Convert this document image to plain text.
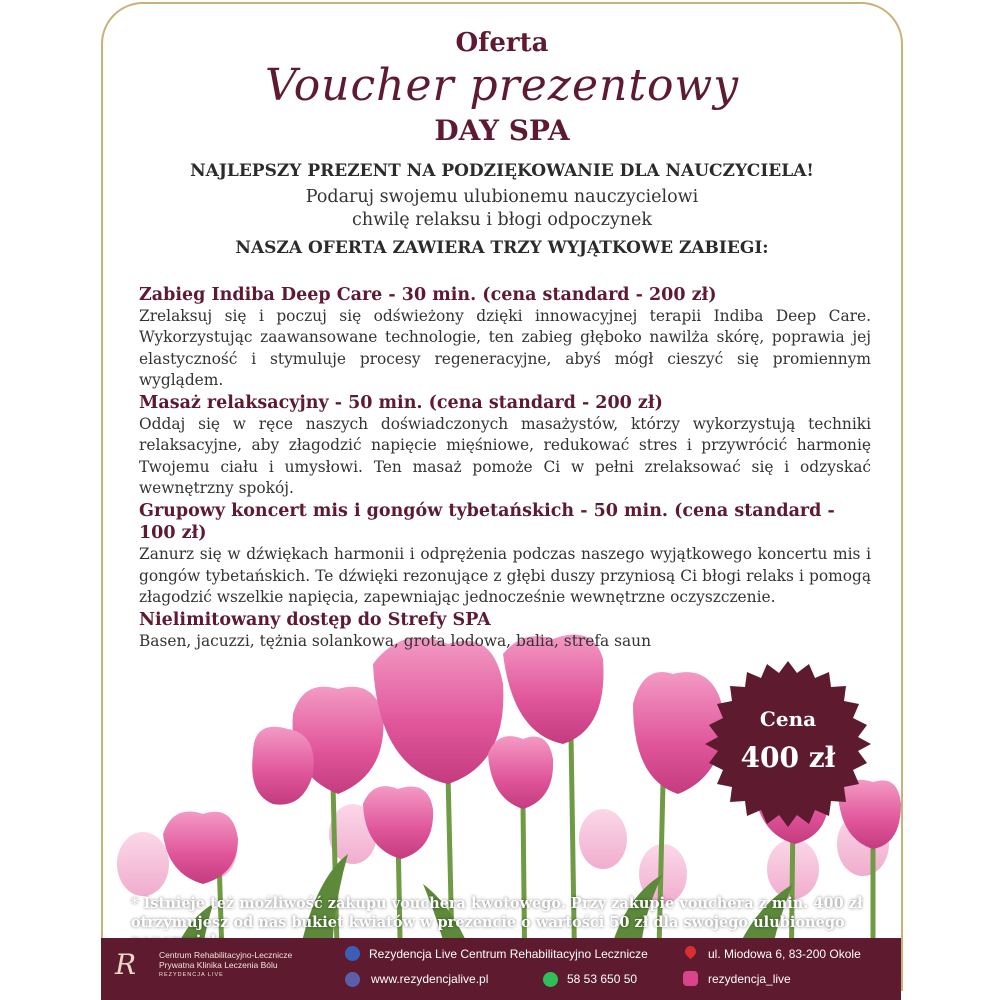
Oferta
Voucher prezentowy
DAY SPA
NAJLEPSZY PREZENT NA PODZIĘKOWANIE DLA NAUCZYCIELA!
Podaruj swojemu ulubionemu nauczycielowi
chwilę relaksu i błogi odpoczynek
NASZA OFERTA ZAWIERA TRZY WYJĄTKOWE ZABIEGI:
Zabieg Indiba Deep Care - 30 min. (cena standard - 200 zł)
Zrelaksuj się i poczuj się odświeżony dzięki innowacyjnej terapii Indiba Deep Care. Wykorzystując zaawansowane technologie, ten zabieg głęboko nawilża skórę, poprawia jej elastyczność i stymuluje procesy regeneracyjne, abyś mógł cieszyć się promiennym wyglądem.
Masaż relaksacyjny - 50 min. (cena standard - 200 zł)
Oddaj się w ręce naszych doświadczonych masażystów, którzy wykorzystują techniki relaksacyjne, aby złagodzić napięcie mięśniowe, redukować stres i przywrócić harmonię Twojemu ciału i umysłowi. Ten masaż pomoże Ci w pełni zrelaksować się i odzyskać wewnętrzny spokój.
Grupowy koncert mis i gongów tybetańskich - 50 min. (cena standard - 100 zł)
Zanurz się w dźwiękach harmonii i odprężenia podczas naszego wyjątkowego koncertu mis i gongów tybetańskich. Te dźwięki rezonujące z głębi duszy przyniosą Ci błogi relaks i pomogą złagodzić wszelkie napięcia, zapewniając jednocześnie wewnętrzne oczyszczenie.
Nielimitowany dostęp do Strefy SPA
Basen, jacuzzi, tężnia solankowa, grota lodowa, balia, strefa saun
Cena
400 zł
* Istnieje też możliwość zakupu vouchera kwotowego. Przy zakupie vouchera z min. 400 zł otrzymujesz od nas bukiet kwiatów w prezencie o wartości 50 zł dla swojego ulubionego
R	Centrum Rehabilitacyjno-Lecznicze
Prywatna Klinika Leczenia Bólu
REZYDENCJA LIVE
Rezydencja Live Centrum Rehabilitacyjno Lecznicze	ul. Miodowa 6, 83-200 Okole
www.rezydencjalive.pl	58 53 650 50	rezydencja_live
